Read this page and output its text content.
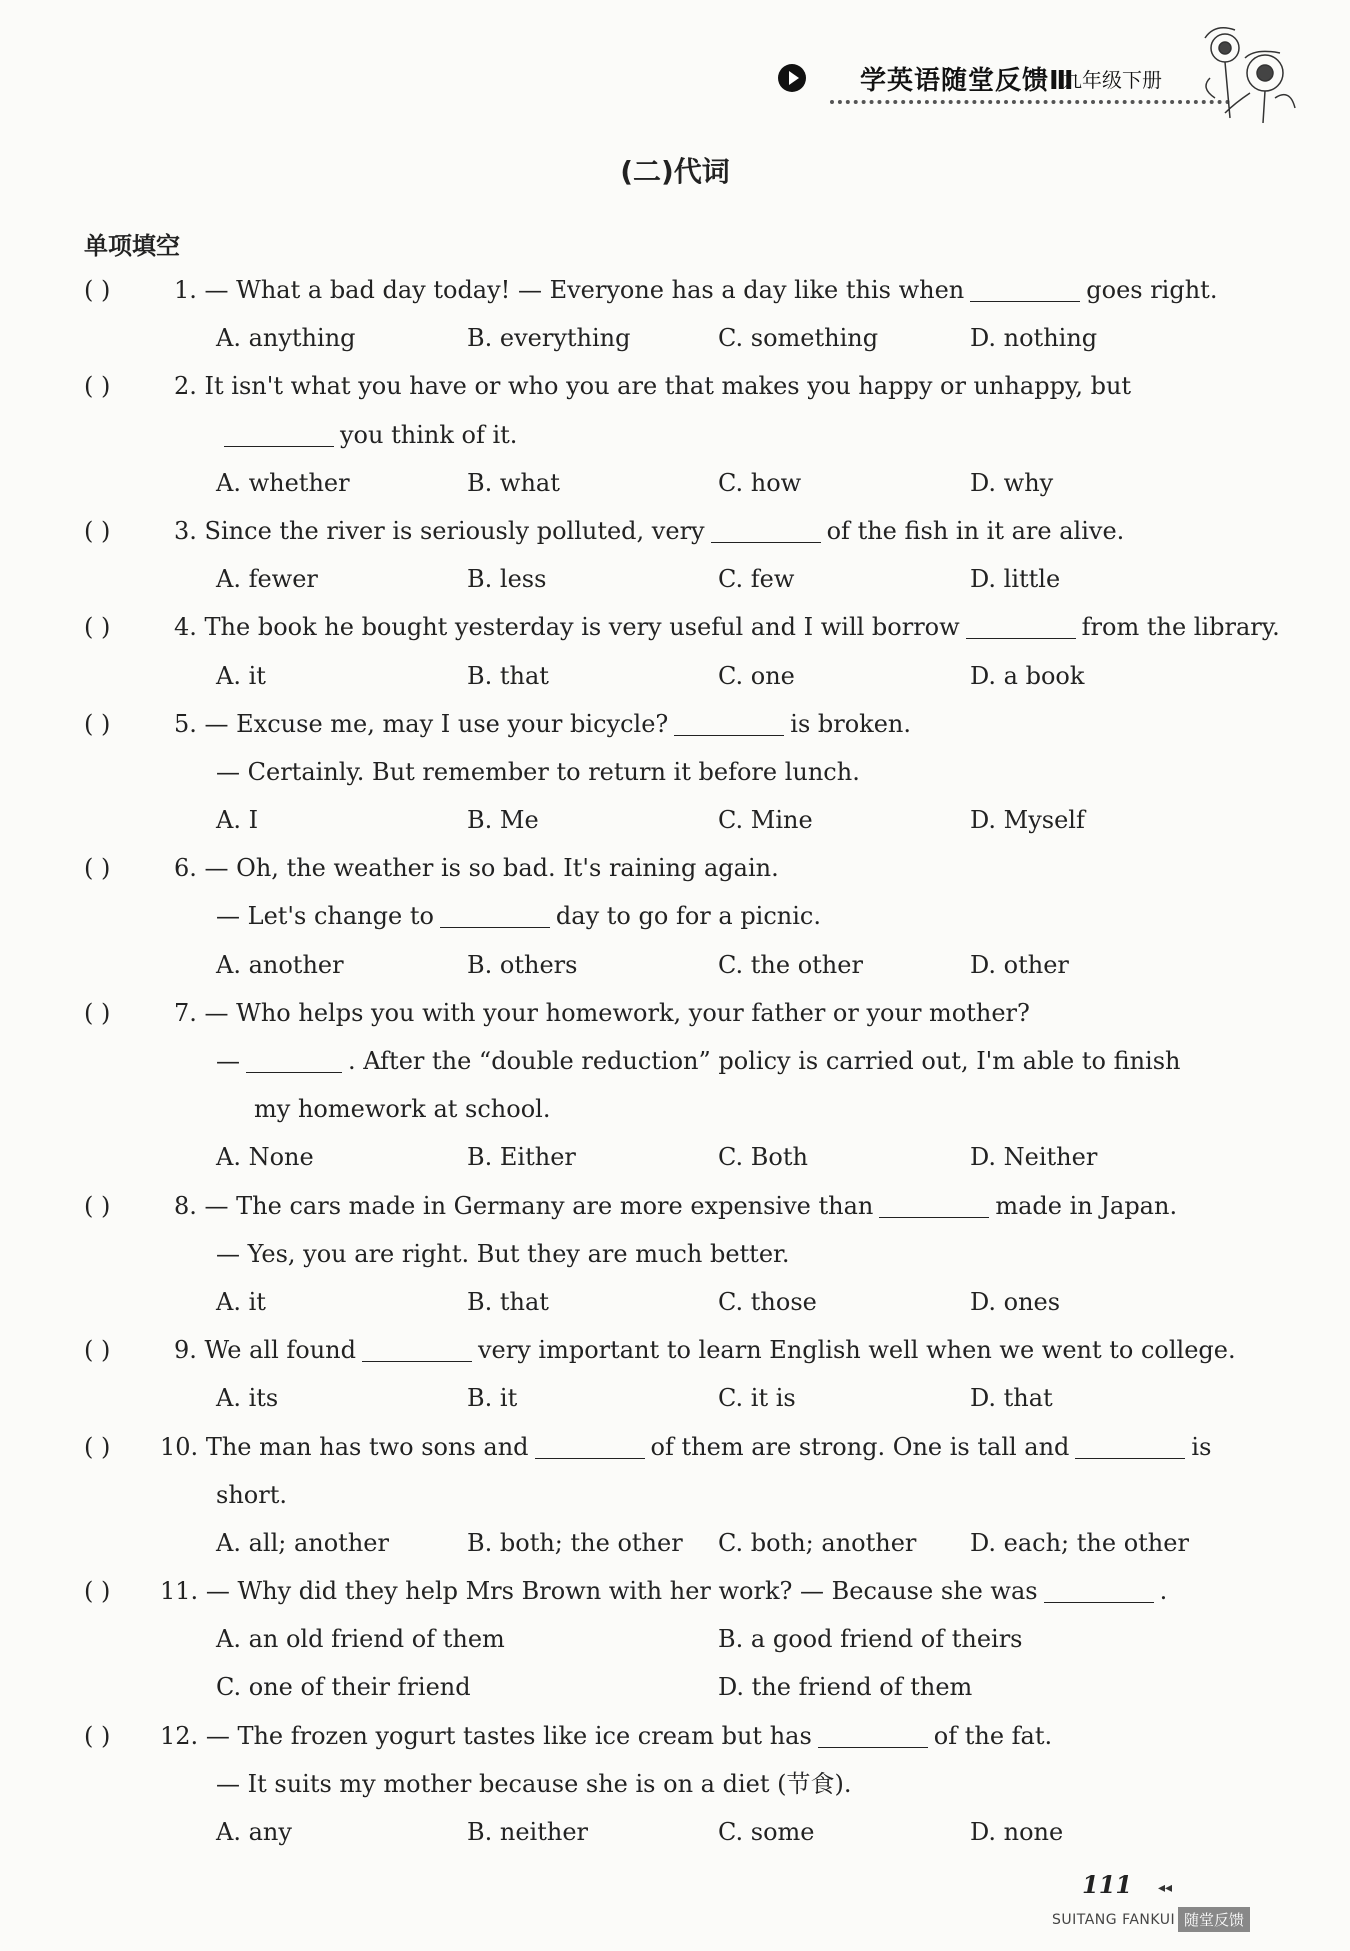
学英语随堂反馈Ⅲ
九年级下册
(二)代词
单项填空
( )	1. — What a bad day today! — Everyone has a day like this when	goes right.
A. anything	B. everything	C. something	D. nothing
( )	2. It isn't what you have or who you are that makes you happy or unhappy, but
you think of it.
A. whether	B. what	C. how	D. why
( )	3. Since the river is seriously polluted, very	of the fish in it are alive.
A. fewer	B. less	C. few	D. little
( )	4. The book he bought yesterday is very useful and I will borrow	from the library.
A. it	B. that	C. one	D. a book
( )	5. — Excuse me, may I use your bicycle?	is broken.
— Certainly. But remember to return it before lunch.
A. I	B. Me	C. Mine	D. Myself
( )	6. — Oh, the weather is so bad. It's raining again.
— Let's change to	day to go for a picnic.
A. another	B. others	C. the other	D. other
( )	7. — Who helps you with your homework, your father or your mother?
—	. After the “double reduction” policy is carried out, I'm able to finish
my homework at school.
A. None	B. Either	C. Both	D. Neither
( )	8. — The cars made in Germany are more expensive than	made in Japan.
— Yes, you are right. But they are much better.
A. it	B. that	C. those	D. ones
( )	9. We all found	very important to learn English well when we went to college.
A. its	B. it	C. it is	D. that
( ) 10. The man has two sons and	of them are strong. One is tall and	is
short.
A. all; another	B. both; the other C. both; another D. each; the other
( ) 11. — Why did they help Mrs Brown with her work? — Because she was	.
A. an old friend of them	B. a good friend of theirs
C. one of their friend	D. the friend of them
( ) 12. — The frozen yogurt tastes like ice cream but has	of the fat.
— It suits my mother because she is on a diet (节食).
A. any	B. neither	C. some	D. none
111 ◂◂
SUITANG FANKUI 随堂反馈
